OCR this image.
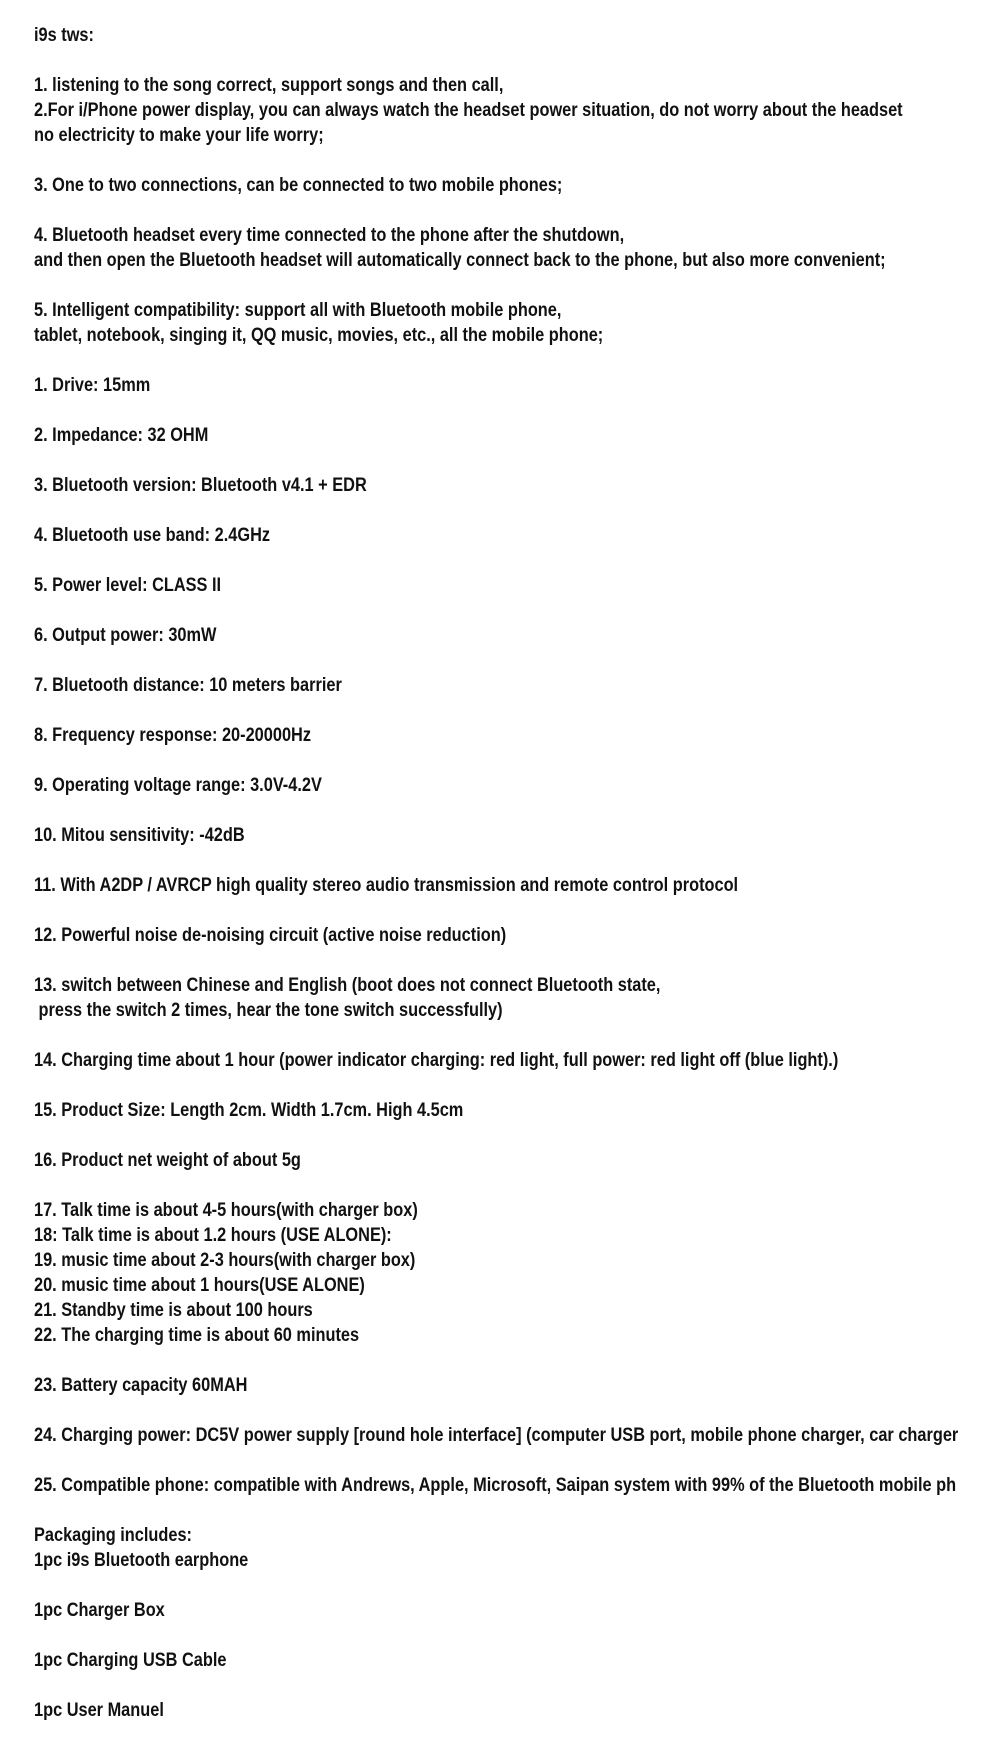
i9s tws:
1. listening to the song correct, support songs and then call,
2.For i/Phone power display, you can always watch the headset power situation, do not worry about the headset
no electricity to make your life worry;
3. One to two connections, can be connected to two mobile phones;
4. Bluetooth headset every time connected to the phone after the shutdown,
and then open the Bluetooth headset will automatically connect back to the phone, but also more convenient;
5. Intelligent compatibility: support all with Bluetooth mobile phone,
tablet, notebook, singing it, QQ music, movies, etc., all the mobile phone;
1. Drive: 15mm
2. Impedance: 32 OHM
3. Bluetooth version: Bluetooth v4.1 + EDR
4. Bluetooth use band: 2.4GHz
5. Power level: CLASS II
6. Output power: 30mW
7. Bluetooth distance: 10 meters barrier
8. Frequency response: 20-20000Hz
9. Operating voltage range: 3.0V-4.2V
10. Mitou sensitivity: -42dB
11. With A2DP / AVRCP high quality stereo audio transmission and remote control protocol
12. Powerful noise de-noising circuit (active noise reduction)
13. switch between Chinese and English (boot does not connect Bluetooth state,
press the switch 2 times, hear the tone switch successfully)
14. Charging time about 1 hour (power indicator charging: red light, full power: red light off (blue light).)
15. Product Size: Length 2cm. Width 1.7cm. High 4.5cm
16. Product net weight of about 5g
17. Talk time is about 4-5 hours(with charger box)
18: Talk time is about 1.2 hours (USE ALONE):
19. music time about 2-3 hours(with charger box)
20. music time about 1 hours(USE ALONE)
21. Standby time is about 100 hours
22. The charging time is about 60 minutes
23. Battery capacity 60MAH
24. Charging power: DC5V power supply [round hole interface] (computer USB port, mobile phone charger, car charger
25. Compatible phone: compatible with Andrews, Apple, Microsoft, Saipan system with 99% of the Bluetooth mobile ph
Packaging includes:
1pc i9s Bluetooth earphone
1pc Charger Box
1pc Charging USB Cable
1pc User Manuel
